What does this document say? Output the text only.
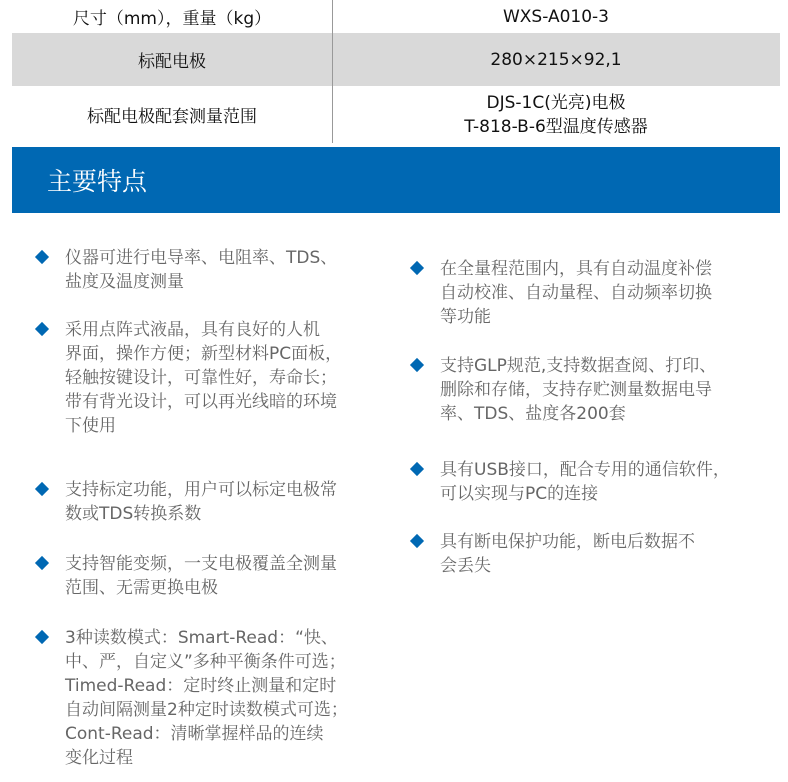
尺寸（mm），重量（kg）	WXS-A010-3
标配电极	280×215×92,1
标配电极配套测量范围
DJS-1C(光亮)电极
T-818-B-6型温度传感器
主要特点
仪器可进行电导率、电阻率、TDS、
盐度及温度测量
采用点阵式液晶，具有良好的人机
界面，操作方便；新型材料PC面板，
轻触按键设计，可靠性好，寿命长；
带有背光设计，可以再光线暗的环境
下使用
支持标定功能，用户可以标定电极常
数或TDS转换系数
支持智能变频，一支电极覆盖全测量
范围、无需更换电极
3种读数模式：Smart-Read：“快、
中、严，自定义”多种平衡条件可选；
Timed-Read：定时终止测量和定时
自动间隔测量2种定时读数模式可选；
Cont-Read：清晰掌握样品的连续
变化过程
在全量程范围内，具有自动温度补偿
自动校准、自动量程、自动频率切换
等功能
支持GLP规范,支持数据查阅、打印、
删除和存储，支持存贮测量数据电导
率、TDS、盐度各200套
具有USB接口，配合专用的通信软件，
可以实现与PC的连接
具有断电保护功能，断电后数据不
会丢失
